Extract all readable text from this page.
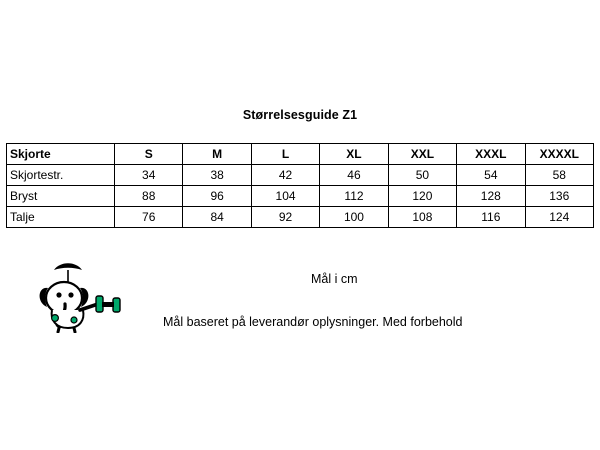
Størrelsesguide Z1
Skjorte	S	M	L	XL	XXL	XXXL	XXXXL
Skjortestr.	34	38	42	46	50	54	58
Bryst	88	96	104	112	120	128	136
Talje	76	84	92	100	108	116	124
Mål i cm
Mål baseret på leverandør oplysninger. Med forbehold
